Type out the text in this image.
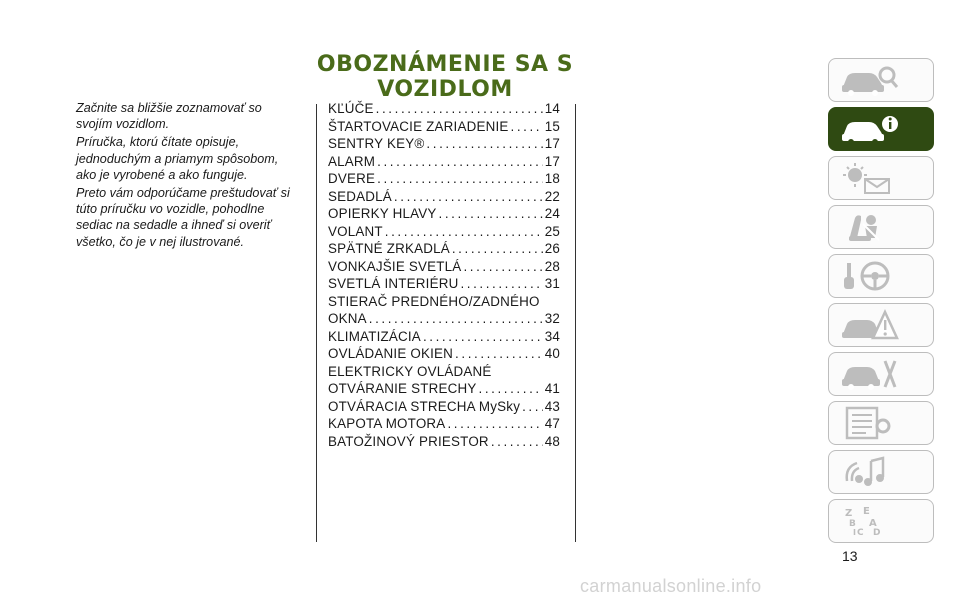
OBOZNÁMENIE SA S VOZIDLOM

Začnite sa bližšie zoznamovať so svojím vozidlom.

Príručka, ktorú čítate opisuje, jednoduchým a priamym spôsobom, ako je vyrobené a ako funguje.

Preto vám odporúčame preštudovať si túto príručku vo vozidle, pohodlne sediac na sedadle a ihneď si overiť všetko, čo je v nej ilustrované.

KĽÚČE .....	14
ŠTARTOVACIE ZARIADENIE .....	15
SENTRY KEY® .....	17
ALARM .....	17
DVERE .....	18
SEDADLÁ .....	22
OPIERKY HLAVY .....	24
VOLANT .....	25
SPÄTNÉ ZRKADLÁ .....	26
VONKAJŠIE SVETLÁ .....	28
SVETLÁ INTERIÉRU .....	31
STIERAČ PREDNÉHO/ZADNÉHO
OKNA .....	32
KLIMATIZÁCIA .....	34
OVLÁDANIE OKIEN .....	40
ELEKTRICKY OVLÁDANÉ
OTVÁRANIE STRECHY .....	41
OTVÁRACIA STRECHA MySky ..... 43
KAPOTA MOTORA .....	47
BATOŽINOVÝ PRIESTOR .....	48
Z E
B A
C D
I

13

carmanualsonline.info
